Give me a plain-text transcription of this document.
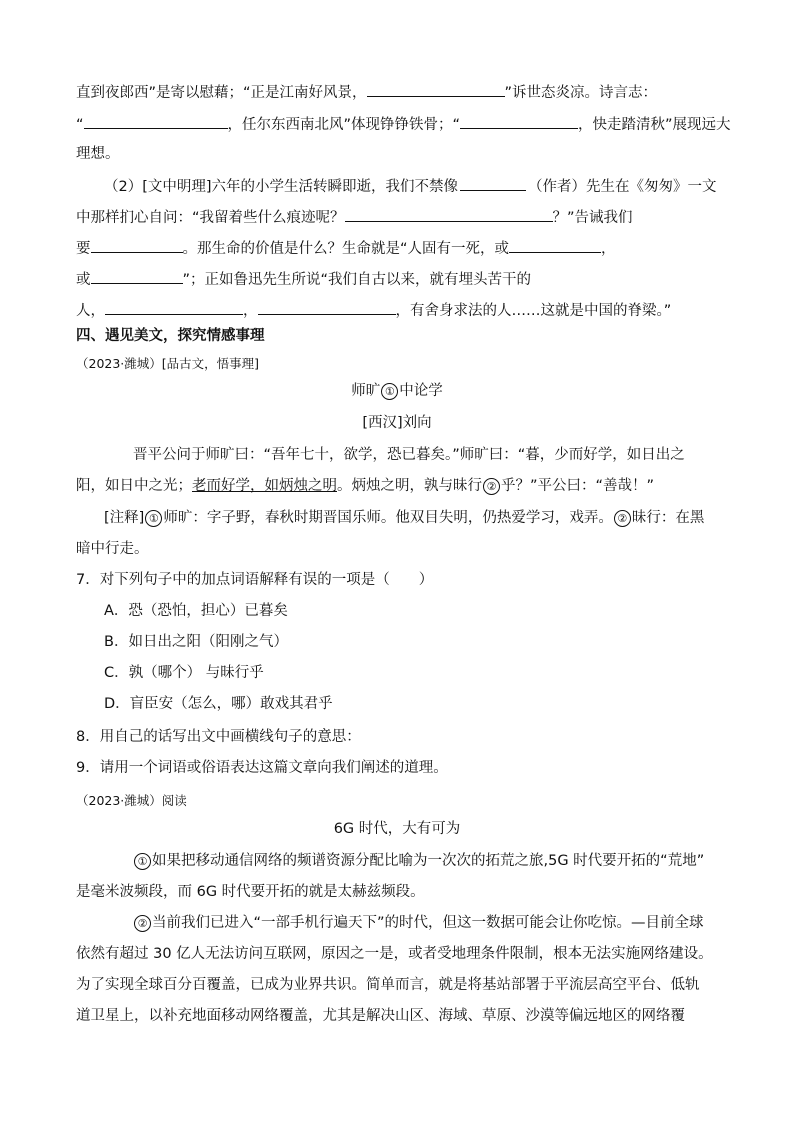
直到夜郎西”是寄以慰藉；“正是江南好风景，	”诉世态炎凉。诗言志：
“	，任尔东西南北风”体现铮铮铁骨；“	，快走踏清秋”展现远大
理想。
（2）[文中明理]六年的小学生活转瞬即逝，我们不禁像	（作者）先生在《匆匆》一文
中那样扪心自问：“我留着些什么痕迹呢？	？”告诫我们
要	。那生命的价值是什么？生命就是“人固有一死，或	，
或	”；正如鲁迅先生所说“我们自古以来，就有埋头苦干的
人，	，	，有舍身求法的人……这就是中国的脊梁。”
四、遇见美文，探究情感事理
（2023·潍城）[品古文，悟事理]
师旷 ① 中论学
[西汉]刘向
晋平公问于师旷曰：“吾年七十，欲学，恐已暮矣。”师旷曰：“暮，少而好学，如日出之
阳，如日中之光；老而好学，如炳烛之明。炳烛之明，孰与昧行 ② 乎？”平公曰：“善哉！”
[注释] ① 师旷：字子野，春秋时期晋国乐师。他双目失明，仍热爱学习，戏弄。 ② 昧行：在黑
暗中行走。
7．对下列句子中的加点词语解释有误的一项是（　　）
A．恐（恐怕，担心）已暮矣
B．如日出之阳（阳刚之气）
C．孰（哪个） 与昧行乎
D．盲臣安（怎么，哪）敢戏其君乎
8．用自己的话写出文中画横线句子的意思：
9．请用一个词语或俗语表达这篇文章向我们阐述的道理。
（2023·潍城）阅读
6G 时代，大有可为
① 如果把移动通信网络的频谱资源分配比喻为一次次的拓荒之旅,5G 时代要开拓的“荒地”
是毫米波频段，而 6G 时代要开拓的就是太赫兹频段。
② 当前我们已进入“一部手机行遍天下”的时代，但这一数据可能会让你吃惊。—目前全球
依然有超过 30 亿人无法访问互联网，原因之一是，或者受地理条件限制，根本无法实施网络建设。
为了实现全球百分百覆盖，已成为业界共识。简单而言，就是将基站部署于平流层高空平台、低轨
道卫星上，以补充地面移动网络覆盖，尤其是解决山区、海域、草原、沙漠等偏远地区的网络覆
